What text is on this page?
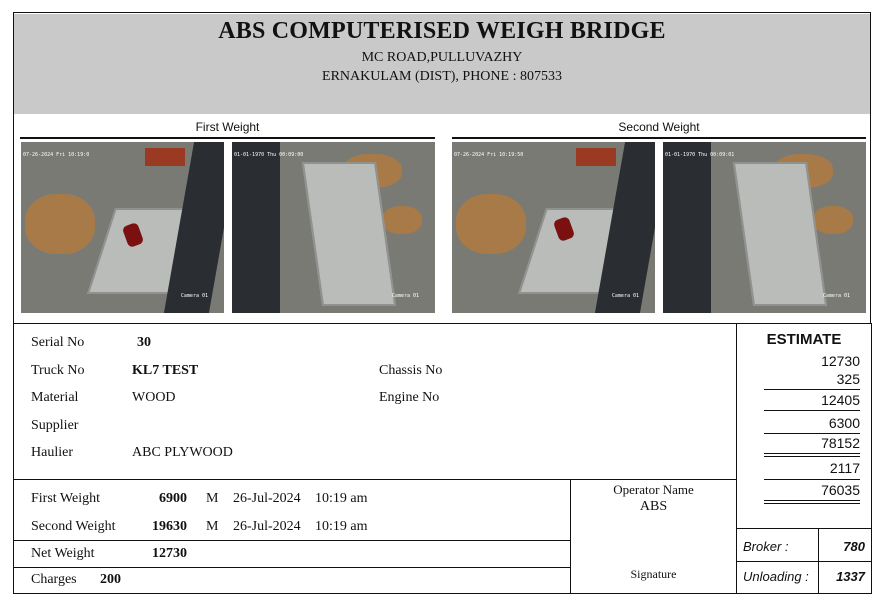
ABS COMPUTERISED WEIGH BRIDGE
MC ROAD,PULLUVAZHY
ERNAKULAM (DIST), PHONE : 807533
First Weight	Second Weight
07-26-2024 Fri 10:19:0
Camera 01
01-01-1970 Thu 00:09:00
Camera 01
07-26-2024 Fri 10:19:50
Camera 01
01-01-1970 Thu 00:09:01
Camera 01
Serial No	30
Truck No	KL7 TEST	Chassis No
Material	WOOD	Engine No
Supplier
Haulier	ABC PLYWOOD
First Weight	6900 M 26-Jul-2024 10:19 am
Second Weight	19630 M 26-Jul-2024 10:19 am
Net Weight	12730
Charges 200
Operator Name
ABS
Signature
ESTIMATE
12730
325
12405
6300
78152
2117
76035
Broker :	780
Unloading :	1337
